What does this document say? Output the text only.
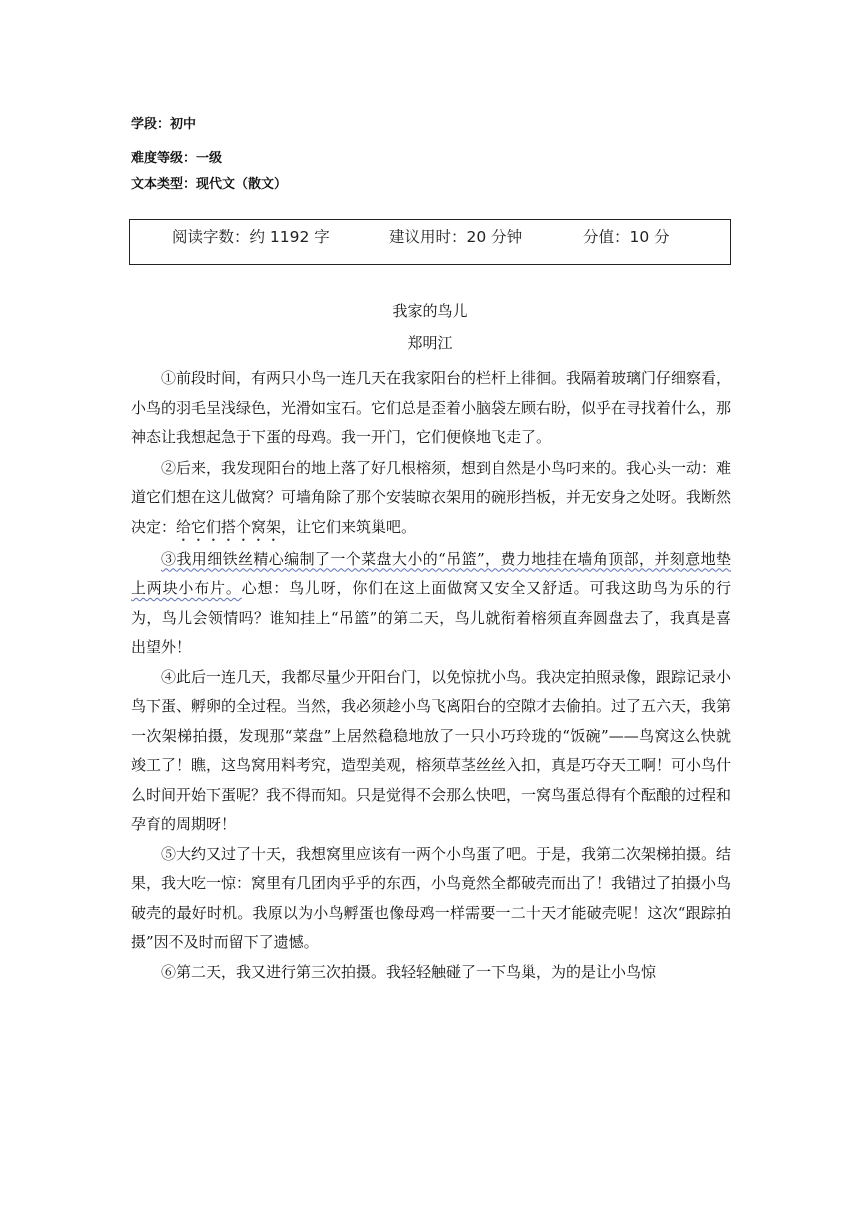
学段：初中
难度等级：一级
文本类型：现代文（散文）
阅读字数：约 1192 字	建议用时：20 分钟	分值：10 分
我家的鸟儿
郑明江

①前段时间，有两只小鸟一连几天在我家阳台的栏杆上徘徊。我隔着玻璃门仔细察看，小鸟的羽毛呈浅绿色，光滑如宝石。它们总是歪着小脑袋左顾右盼，似乎在寻找着什么，那神态让我想起急于下蛋的母鸡。我一开门，它们便倏地飞走了。

②后来，我发现阳台的地上落了好几根榕须，想到自然是小鸟叼来的。我心头一动：难道它们想在这儿做窝？可墙角除了那个安装晾衣架用的碗形挡板，并无安身之处呀。我断然决定：给它们搭个窝架，让它们来筑巢吧。

③我用细铁丝精心编制了一个菜盘大小的“吊篮”，费力地挂在墙角顶部，并刻意地垫上两块小布片。心想：鸟儿呀，你们在这上面做窝又安全又舒适。可我这助鸟为乐的行为，鸟儿会领情吗？谁知挂上“吊篮”的第二天，鸟儿就衔着榕须直奔圆盘去了，我真是喜出望外！

④此后一连几天，我都尽量少开阳台门，以免惊扰小鸟。我决定拍照录像，跟踪记录小鸟下蛋、孵卵的全过程。当然，我必须趁小鸟飞离阳台的空隙才去偷拍。过了五六天，我第一次架梯拍摄，发现那“菜盘”上居然稳稳地放了一只小巧玲珑的“饭碗”——鸟窝这么快就竣工了！瞧，这鸟窝用料考究，造型美观，榕须草茎丝丝入扣，真是巧夺天工啊！可小鸟什么时间开始下蛋呢？我不得而知。只是觉得不会那么快吧，一窝鸟蛋总得有个酝酿的过程和孕育的周期呀！

⑤大约又过了十天，我想窝里应该有一两个小鸟蛋了吧。于是，我第二次架梯拍摄。结果，我大吃一惊：窝里有几团肉乎乎的东西，小鸟竟然全都破壳而出了！我错过了拍摄小鸟破壳的最好时机。我原以为小鸟孵蛋也像母鸡一样需要一二十天才能破壳呢！这次“跟踪拍摄”因不及时而留下了遗憾。

⑥第二天，我又进行第三次拍摄。我轻轻触碰了一下鸟巢，为的是让小鸟惊
